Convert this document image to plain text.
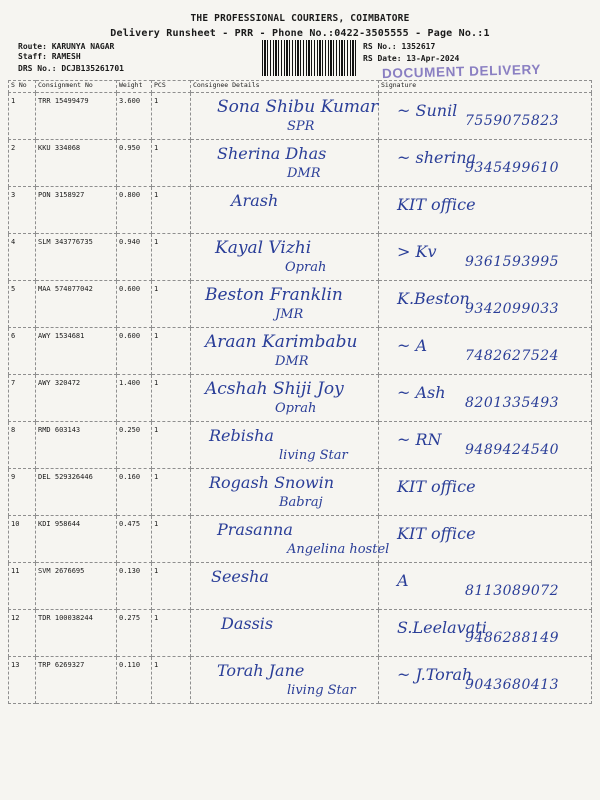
THE PROFESSIONAL COURIERS, COIMBATORE
Delivery Runsheet - PRR - Phone No.:0422-3505555 - Page No.:1
Route: KARUNYA NAGAR
Staff: RAMESH
DRS No.: DCJB135261701
RS No.: 1352617
RS Date: 13-Apr-2024
DOCUMENT DELIVERY
S No	Consignment No	Weight	PCS	Consignee Details	Signature

1	TRR 15499479	3.600	1	Sona Shibu Kumar
SPR	~ Sunil
7559075823

2	KKU 334068	0.950	1	Sherina Dhas
DMR	~ sherina
9345499610

3	PON 3158927	0.800	1	Arash	KIT office

4	SLM 343776735	0.940	1	Kayal Vizhi
Oprah	> Kv
9361593995

5	MAA 574077042	0.600	1	Beston Franklin
JMR	K.Beston
9342099033

6	AWY 1534681	0.600	1	Araan Karimbabu
DMR	~ A
7482627524

7	AWY 320472	1.400	1	Acshah Shiji Joy
Oprah	~ Ash
8201335493

8	RMD 603143	0.250	1	Rebisha
living Star	~ RN
9489424540

9	DEL 529326446	0.160	1	Rogash Snowin
Babraj	KIT office

10	KDI 958644	0.475	1	Prasanna
Angelina hostel	KIT office

11	SVM 2676695	0.130	1	Seesha	A
8113089072

12	TDR 100038244	0.275	1	Dassis	S.Leelavati
9486288149

13	TRP 6269327	0.110	1	Torah Jane
living Star	~ J.Torah
9043680413
